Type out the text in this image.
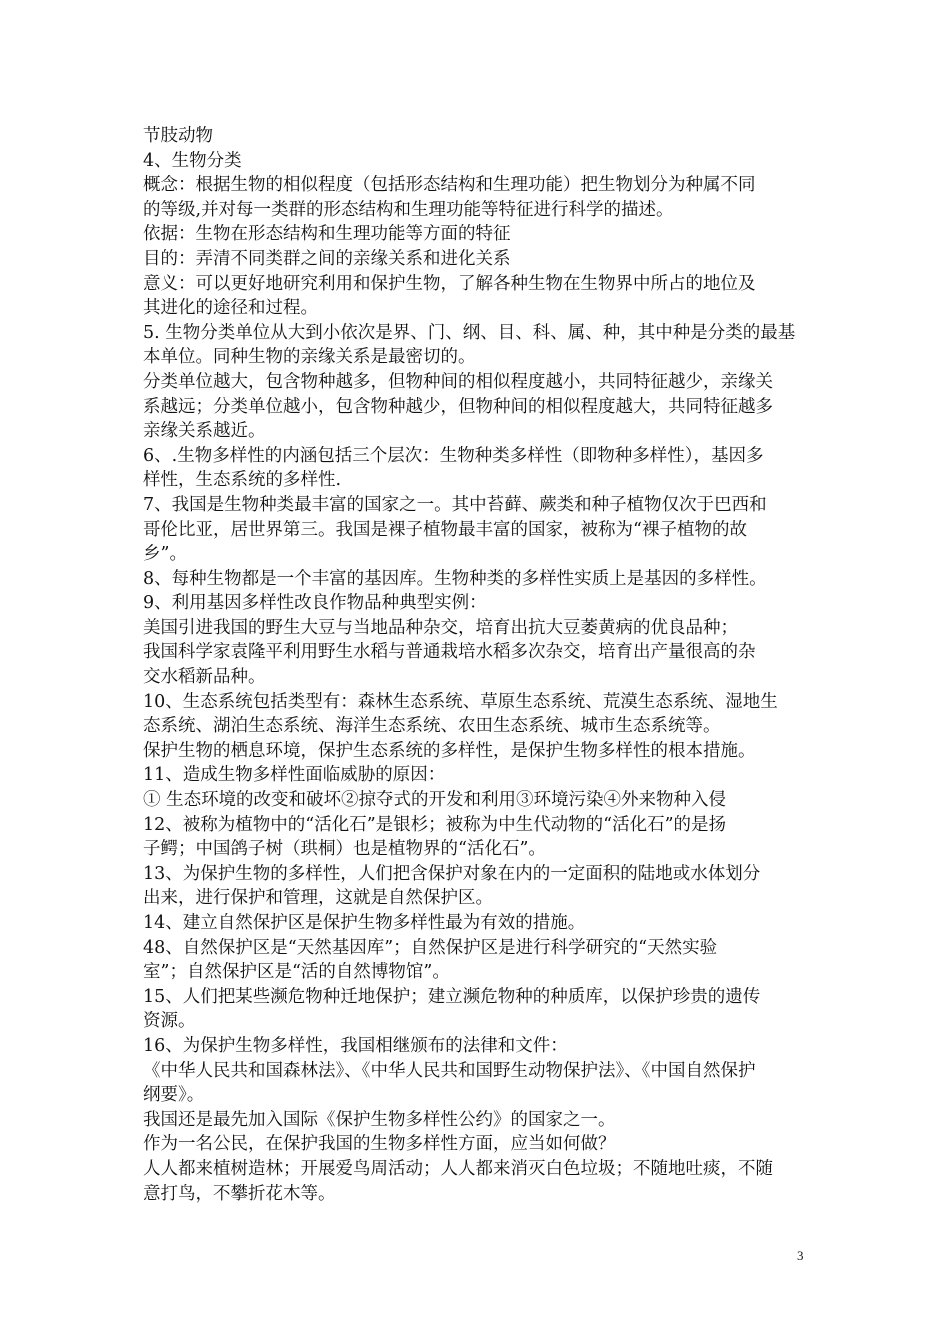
节肢动物
4、生物分类
概念：根据生物的相似程度（包括形态结构和生理功能）把生物划分为种属不同
的等级,并对每一类群的形态结构和生理功能等特征进行科学的描述。
依据：生物在形态结构和生理功能等方面的特征
目的：弄清不同类群之间的亲缘关系和进化关系
意义：可以更好地研究利用和保护生物，了解各种生物在生物界中所占的地位及
其进化的途径和过程。
5. 生物分类单位从大到小依次是界、门、纲、目、科、属、种，其中种是分类的最基
本单位。同种生物的亲缘关系是最密切的。
分类单位越大，包含物种越多，但物种间的相似程度越小，共同特征越少，亲缘关
系越远；分类单位越小，包含物种越少，但物种间的相似程度越大，共同特征越多
亲缘关系越近。
6、.生物多样性的内涵包括三个层次：生物种类多样性（即物种多样性），基因多
样性，生态系统的多样性.
7、我国是生物种类最丰富的国家之一。其中苔藓、蕨类和种子植物仅次于巴西和
哥伦比亚，居世界第三。我国是裸子植物最丰富的国家，被称为“裸子植物的故
乡”。
8、每种生物都是一个丰富的基因库。生物种类的多样性实质上是基因的多样性。
9、利用基因多样性改良作物品种典型实例：
美国引进我国的野生大豆与当地品种杂交，培育出抗大豆萎黄病的优良品种；
我国科学家袁隆平利用野生水稻与普通栽培水稻多次杂交，培育出产量很高的杂
交水稻新品种。
10、生态系统包括类型有：森林生态系统、草原生态系统、荒漠生态系统、湿地生
态系统、湖泊生态系统、海洋生态系统、农田生态系统、城市生态系统等。
保护生物的栖息环境，保护生态系统的多样性，是保护生物多样性的根本措施。
11、造成生物多样性面临威胁的原因：
① 生态环境的改变和破坏②掠夺式的开发和利用③环境污染④外来物种入侵
12、被称为植物中的“活化石”是银杉；被称为中生代动物的“活化石”的是扬
子鳄；中国鸽子树（珙桐）也是植物界的“活化石”。
13、为保护生物的多样性，人们把含保护对象在内的一定面积的陆地或水体划分
出来，进行保护和管理，这就是自然保护区。
14、建立自然保护区是保护生物多样性最为有效的措施。
48、自然保护区是“天然基因库”；自然保护区是进行科学研究的“天然实验
室”；自然保护区是“活的自然博物馆”。
15、人们把某些濒危物种迁地保护；建立濒危物种的种质库，以保护珍贵的遗传
资源。
16、为保护生物多样性，我国相继颁布的法律和文件：
《中华人民共和国森林法》、《中华人民共和国野生动物保护法》、《中国自然保护
纲要》。
我国还是最先加入国际《保护生物多样性公约》的国家之一。
作为一名公民，在保护我国的生物多样性方面，应当如何做？
人人都来植树造林；开展爱鸟周活动；人人都来消灭白色垃圾；不随地吐痰，不随
意打鸟，不攀折花木等。
3
